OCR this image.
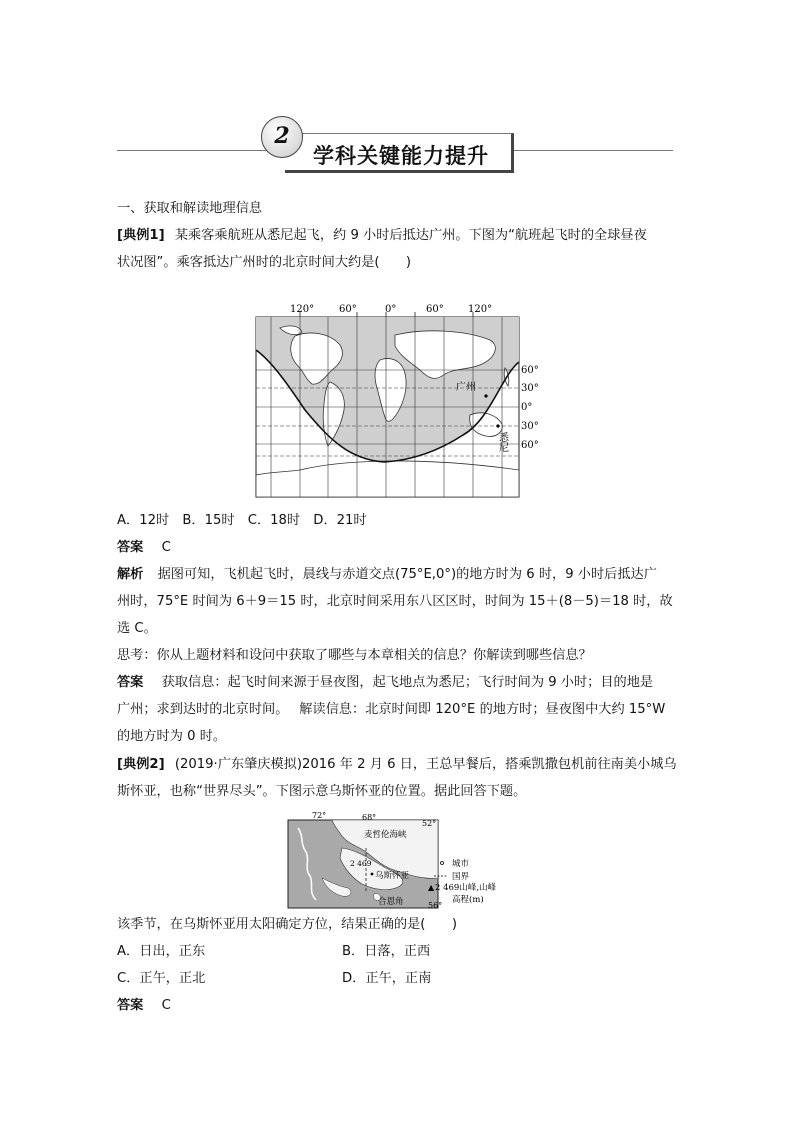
学科关键能力提升
2
一、获取和解读地理信息
[典例1] 某乘客乘航班从悉尼起飞，约 9 小时后抵达广州。下图为“航班起飞时的全球昼夜
状况图”。乘客抵达广州时的北京时间大约是(　　)
120° 60°	0°	60° 120°
60°
30°
0°
30°
60°
广州
悉尼
A．12时　B．15时　C．18时　D．21时
答案 C
解析 据图可知，飞机起飞时，晨线与赤道交点(75°E,0°)的地方时为 6 时，9 小时后抵达广
州时，75°E 时间为 6＋9＝15 时，北京时间采用东八区区时，时间为 15＋(8－5)＝18 时，故
选 C。
思考：你从上题材料和设问中获取了哪些与本章相关的信息？你解读到哪些信息？
答案 获取信息：起飞时间来源于昼夜图，起飞地点为悉尼；飞行时间为 9 小时；目的地是
广州；求到达时的北京时间。　 解读信息：北京时间即 120°E 的地方时；昼夜图中大约 15°W
的地方时为 0 时。
[典例2] (2019·广东肇庆模拟)2016 年 2 月 6 日，王总早餐后，搭乘凯撒包机前往南美小城乌
斯怀亚，也称“世界尽头”。下图示意乌斯怀亚的位置。据此回答下题。
72°	68°
52°
56°
麦哲伦海峡
乌斯怀亚
合恩角
2 469	城市
国界
▲ 2 469山峰,山峰
高程(m)
该季节，在乌斯怀亚用太阳确定方位，结果正确的是(　　)
A．日出，正东	B．日落，正西
C．正午，正北	D．正午，正南
答案 C
